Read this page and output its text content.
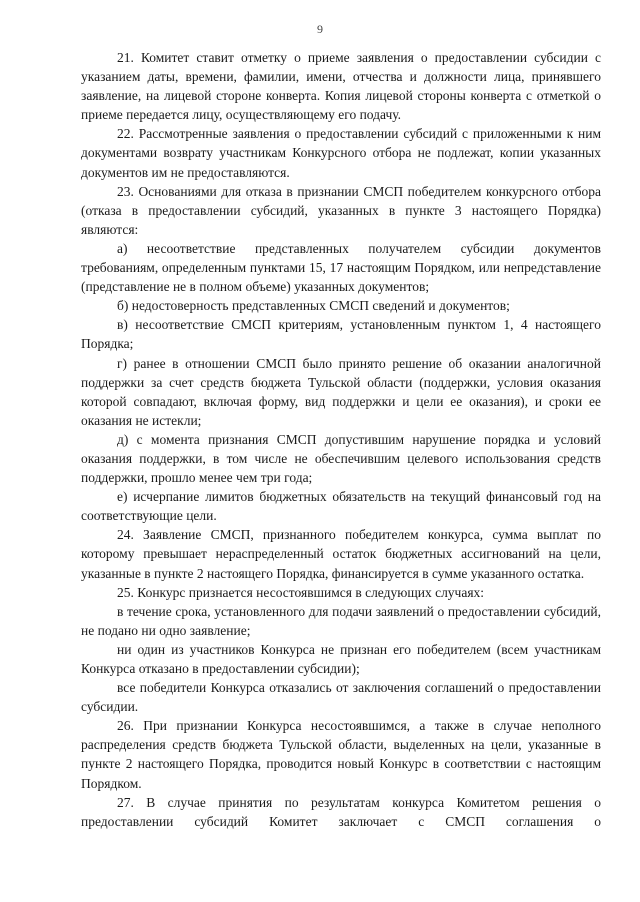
9

21. Комитет ставит отметку о приеме заявления о предоставлении субсидии с указанием даты, времени, фамилии, имени, отчества и должности лица, принявшего заявление, на лицевой стороне конверта. Копия лицевой стороны конверта с отметкой о приеме передается лицу, осуществляющему его подачу.

22. Рассмотренные заявления о предоставлении субсидий с приложенными к ним документами возврату участникам Конкурсного отбора не подлежат, копии указанных документов им не предоставляются.

23. Основаниями для отказа в признании СМСП победителем конкурсного отбора (отказа в предоставлении субсидий, указанных в пункте 3 настоящего Порядка) являются:

а) несоответствие представленных получателем субсидии документов требованиям, определенным пунктами 15, 17 настоящим Порядком, или непредставление (представление не в полном объеме) указанных документов;

б) недостоверность представленных СМСП сведений и документов;

в) несоответствие СМСП критериям, установленным пунктом 1, 4 настоящего Порядка;

г) ранее в отношении СМСП было принято решение об оказании аналогичной поддержки за счет средств бюджета Тульской области (поддержки, условия оказания которой совпадают, включая форму, вид поддержки и цели ее оказания), и сроки ее оказания не истекли;

д) с момента признания СМСП допустившим нарушение порядка и условий оказания поддержки, в том числе не обеспечившим целевого использования средств поддержки, прошло менее чем три года;

е) исчерпание лимитов бюджетных обязательств на текущий финансовый год на соответствующие цели.

24. Заявление СМСП, признанного победителем конкурса, сумма выплат по которому превышает нераспределенный остаток бюджетных ассигнований на цели, указанные в пункте 2 настоящего Порядка, финансируется в сумме указанного остатка.

25. Конкурс признается несостоявшимся в следующих случаях:

в течение срока, установленного для подачи заявлений о предоставлении субсидий, не подано ни одно заявление;

ни один из участников Конкурса не признан его победителем (всем участникам Конкурса отказано в предоставлении субсидии);

все победители Конкурса отказались от заключения соглашений о предоставлении субсидии.

26. При признании Конкурса несостоявшимся, а также в случае неполного распределения средств бюджета Тульской области, выделенных на цели, указанные в пункте 2 настоящего Порядка, проводится новый Конкурс в соответствии с настоящим Порядком.

27. В случае принятия по результатам конкурса Комитетом решения о предоставлении субсидий Комитет заключает с СМСП соглашения о
